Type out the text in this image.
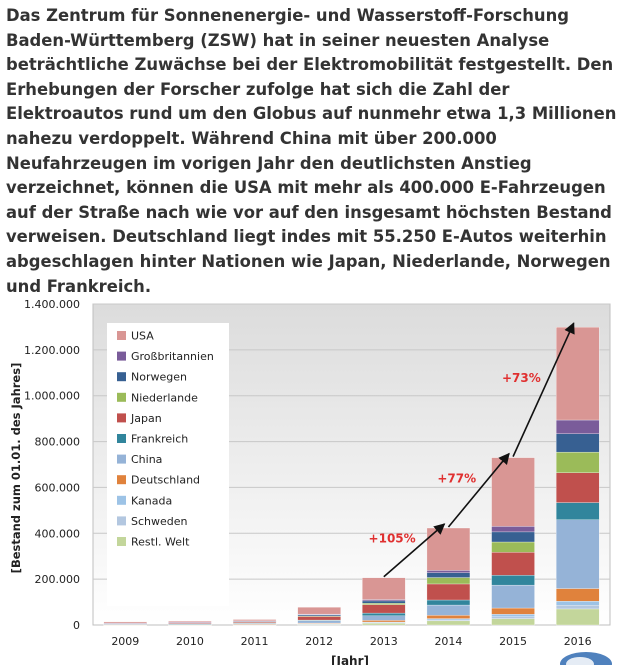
Das Zentrum für Sonnenenergie- und Wasserstoff-Forschung Baden-Württemberg (ZSW) hat in seiner neuesten Analyse beträchtliche Zuwächse bei der Elektromobilität festgestellt. Den Erhebungen der Forscher zufolge hat sich die Zahl der Elektroautos rund um den Globus auf nunmehr etwa 1,3 Millionen nahezu verdoppelt. Während China mit über 200.000 Neufahrzeugen im vorigen Jahr den deutlichsten Anstieg verzeichnet, können die USA mit mehr als 400.000 E-Fahrzeugen auf der Straße nach wie vor auf den insgesamt höchsten Bestand verweisen. Deutschland liegt indes mit 55.250 E-Autos weiterhin abgeschlagen hinter Nationen wie Japan, Niederlande, Norwegen und Frankreich.

0
200.000
400.000
600.000
800.000
1.000.000
1.200.000
1.400.000
2009	2010	2011	2012	2013	2014	2015	2016
[Bestand zum 01.01. des Jahres]
[Jahr]
USA
Großbritannien
Norwegen
Niederlande
Japan
Frankreich
China
Deutschland
Kanada
Schweden
Restl. Welt	+105%
+77%
+73%
